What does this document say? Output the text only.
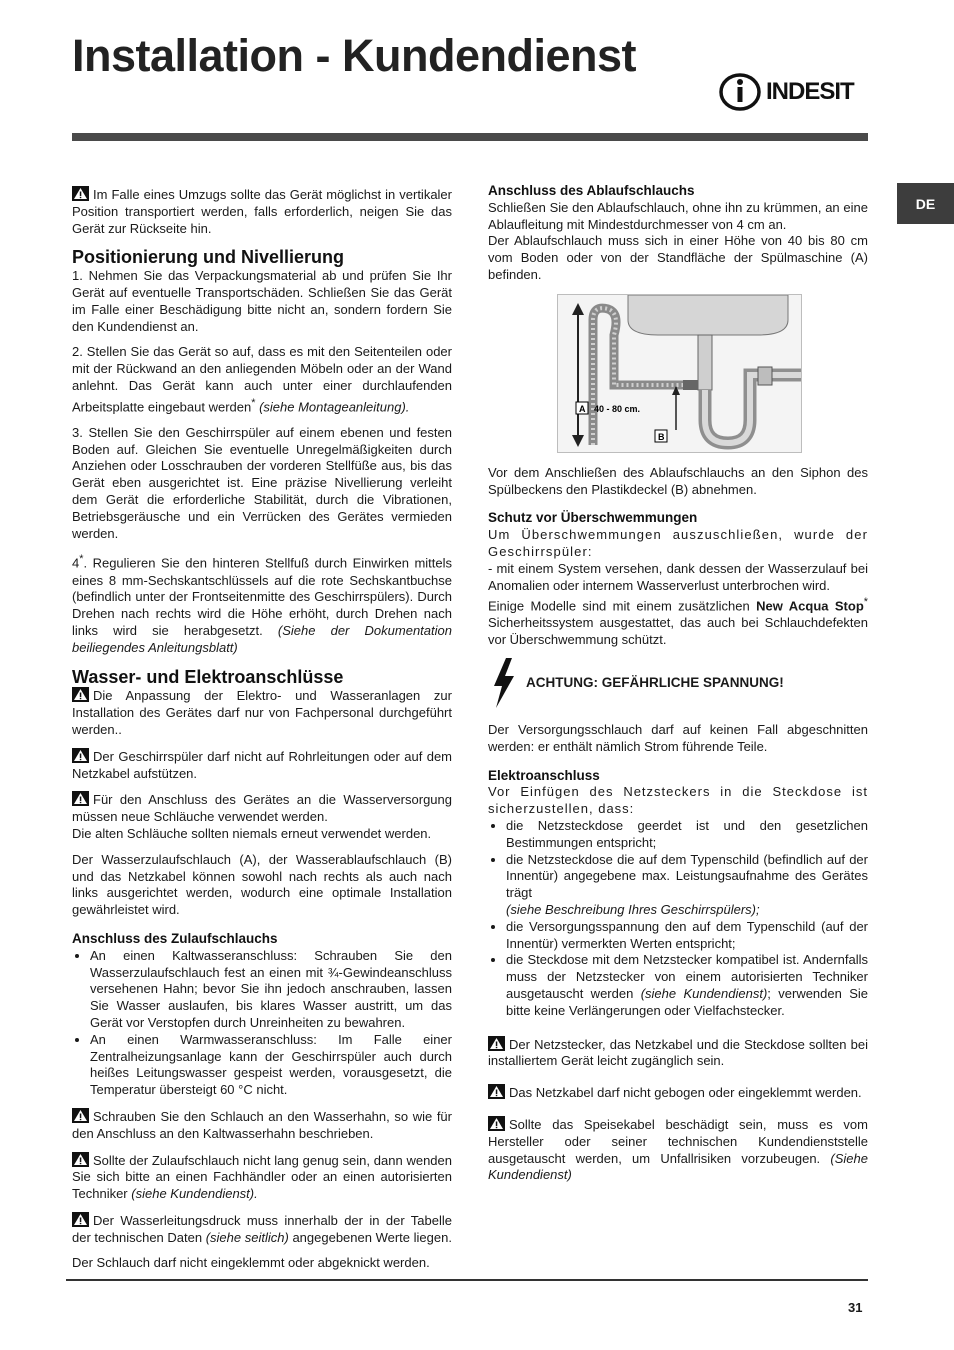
Installation - Kundendienst
INDESIT
DE

Im Falle eines Umzugs sollte das Gerät möglichst in vertikaler Position transportiert werden, falls erforderlich, neigen Sie das Gerät zur Rückseite hin.

Positionierung und Nivellierung

1. Nehmen Sie das Verpackungsmaterial ab und prüfen Sie Ihr Gerät auf eventuelle Transportschäden. Schließen Sie das Gerät im Falle einer Beschädigung bitte nicht an, sondern fordern Sie den Kundendienst an.

2. Stellen Sie das Gerät so auf, dass es mit den Seitenteilen oder mit der Rückwand an den anliegenden Möbeln oder an der Wand anlehnt. Das Gerät kann auch unter einer durchlaufenden Arbeitsplatte eingebaut werden* (siehe Montageanleitung).

3. Stellen Sie den Geschirrspüler auf einem ebenen und festen Boden auf. Gleichen Sie eventuelle Unregelmäßigkeiten durch Anziehen oder Losschrauben der vorderen Stellfüße aus, bis das Gerät eben ausgerichtet ist. Eine präzise Nivellierung verleiht dem Gerät die erforderliche Stabilität, durch die Vibrationen, Betriebsgeräusche und ein Verrücken des Gerätes vermieden werden.

4*. Regulieren Sie den hinteren Stellfuß durch Einwirken mittels eines 8 mm-Sechskantschlüssels auf die rote Sechskantbuchse (befindlich unter der Frontseitenmitte des Geschirrspülers). Durch Drehen nach rechts wird die Höhe erhöht, durch Drehen nach links wird sie herabgesetzt. (Siehe der Dokumentation beiliegendes Anleitungsblatt)

Wasser- und Elektroanschlüsse

Die Anpassung der Elektro- und Wasseranlagen zur Installation des Gerätes darf nur von Fachpersonal durchgeführt werden..

Der Geschirrspüler darf nicht auf Rohrleitungen oder auf dem Netzkabel aufstützen.

Für den Anschluss des Gerätes an die Wasserversorgung müssen neue Schläuche verwendet werden.
Die alten Schläuche sollten niemals erneut verwendet werden.

Der Wasserzulaufschlauch (A), der Wasserablaufschlauch (B) und das Netzkabel können sowohl nach rechts als auch nach links ausgerichtet werden, wodurch eine optimale Installation gewährleistet wird.

Anschluss des Zulaufschlauchs
• An einen Kaltwasseranschluss: Schrauben Sie den Wasserzulaufschlauch fest an einen mit ¾-Gewindeanschluss versehenen Hahn; bevor Sie ihn jedoch anschrauben, lassen Sie Wasser auslaufen, bis klares Wasser austritt, um das Gerät vor Verstopfen durch Unreinheiten zu bewahren.
• An einen Warmwasseranschluss: Im Falle einer Zentralheizungsanlage kann der Geschirrspüler auch durch heißes Leitungswasser gespeist werden, vorausgesetzt, die Temperatur übersteigt 60 °C nicht.

Schrauben Sie den Schlauch an den Wasserhahn, so wie für den Anschluss an den Kaltwasserhahn beschrieben.

Sollte der Zulaufschlauch nicht lang genug sein, dann wenden Sie sich bitte an einen Fachhändler oder an einen autorisierten Techniker (siehe Kundendienst).

Der Wasserleitungsdruck muss innerhalb der in der Tabelle der technischen Daten (siehe seitlich) angegebenen Werte liegen.

Der Schlauch darf nicht eingeklemmt oder abgeknickt werden.

Anschluss des Ablaufschlauchs

Schließen Sie den Ablaufschlauch, ohne ihn zu krümmen, an eine Ablaufleitung mit Mindestdurchmesser von 4 cm an.

Der Ablaufschlauch muss sich in einer Höhe von 40 bis 80 cm vom Boden oder von der Standfläche der Spülmaschine (A) befinden.

A 40 - 80 cm.
B

Vor dem Anschließen des Ablaufschlauchs an den Siphon des Spülbeckens den Plastikdeckel (B) abnehmen.

Schutz vor Überschwemmungen

Um Überschwemmungen auszuschließen, wurde der Geschirrspüler:

- mit einem System versehen, dank dessen der Wasserzulauf bei Anomalien oder internem Wasserverlust unterbrochen wird.

Einige Modelle sind mit einem zusätzlichen New Acqua Stop* Sicherheitssystem ausgestattet, das auch bei Schlauchdefekten vor Überschwemmung schützt.

ACHTUNG: GEFÄHRLICHE SPANNUNG!

Der Versorgungsschlauch darf auf keinen Fall abgeschnitten werden: er enthält nämlich Strom führende Teile.

Elektroanschluss

Vor Einfügen des Netzsteckers in die Steckdose ist sicherzustellen, dass:

• die Netzsteckdose geerdet ist und den gesetzlichen Bestimmungen entspricht;
• die Netzsteckdose die auf dem Typenschild (befindlich auf der Innentür) angegebene max. Leistungsaufnahme des Gerätes trägt
(siehe Beschreibung Ihres Geschirrspülers);
• die Versorgungsspannung den auf dem Typenschild (auf der Innentür) vermerkten Werten entspricht;
• die Steckdose mit dem Netzstecker kompatibel ist. Andernfalls muss der Netzstecker von einem autorisierten Techniker ausgetauscht werden (siehe Kundendienst); verwenden Sie bitte keine Verlängerungen oder Vielfachstecker.

Der Netzstecker, das Netzkabel und die Steckdose sollten bei installiertem Gerät leicht zugänglich sein.

Das Netzkabel darf nicht gebogen oder eingeklemmt werden.

Sollte das Speisekabel beschädigt sein, muss es vom Hersteller oder seiner technischen Kundendienststelle ausgetauscht werden, um Unfallrisiken vorzubeugen. (Siehe Kundendienst)

31
